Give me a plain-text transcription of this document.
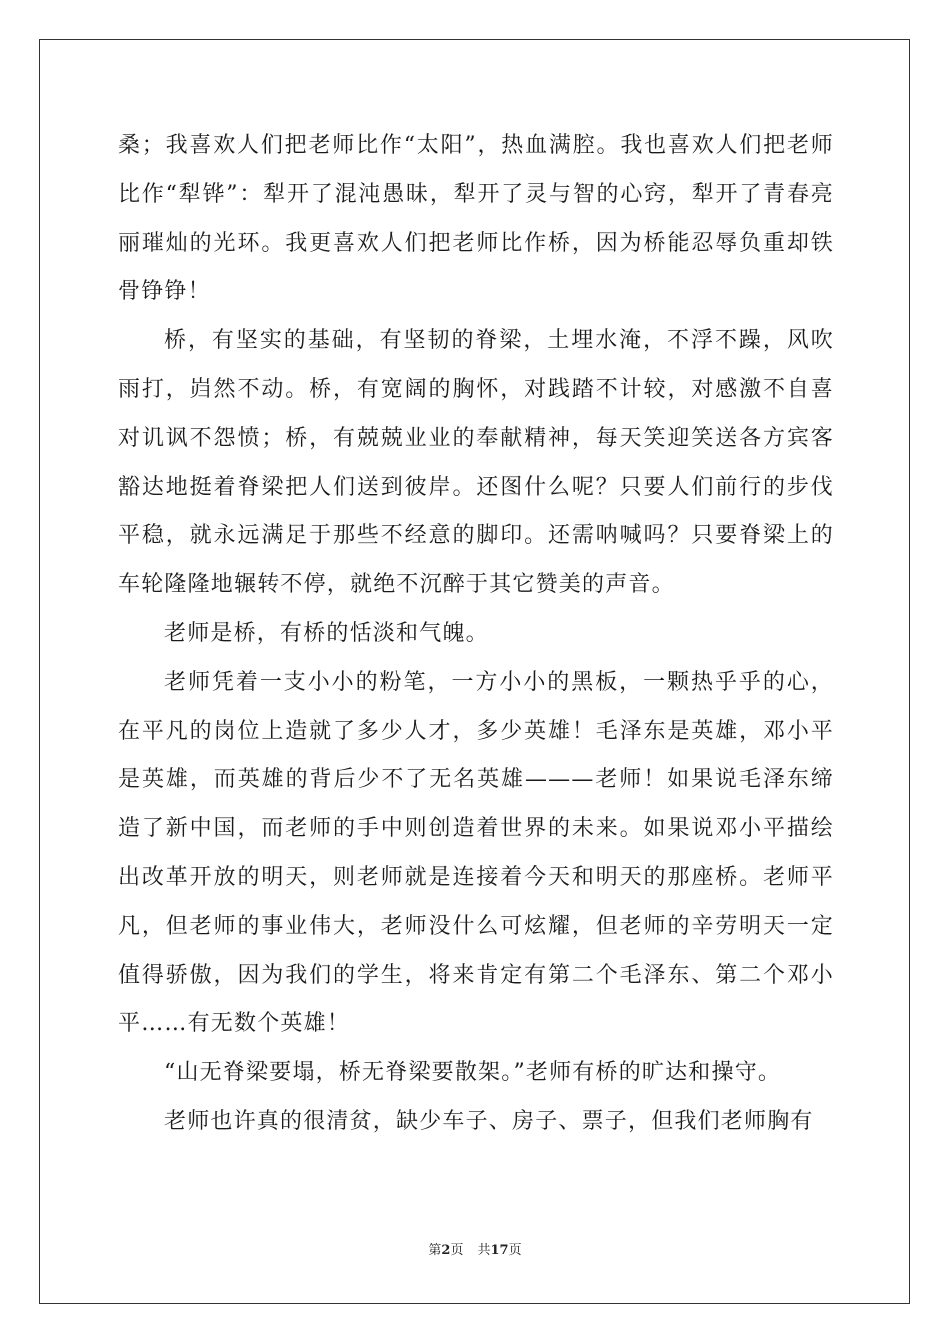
桑；我喜欢人们把老师比作“太阳”，热血满腔。我也喜欢人们把老师比作“犁铧”：犁开了混沌愚昧，犁开了灵与智的心窍，犁开了青春亮丽璀灿的光环。我更喜欢人们把老师比作桥，因为桥能忍辱负重却铁骨铮铮！

桥，有坚实的基础，有坚韧的脊梁，土埋水淹，不浮不躁，风吹雨打，岿然不动。桥，有宽阔的胸怀，对践踏不计较，对感激不自喜对讥讽不怨愤；桥，有兢兢业业的奉献精神，每天笑迎笑送各方宾客豁达地挺着脊梁把人们送到彼岸。还图什么呢？只要人们前行的步伐平稳，就永远满足于那些不经意的脚印。还需呐喊吗？只要脊梁上的车轮隆隆地辗转不停，就绝不沉醉于其它赞美的声音。

老师是桥，有桥的恬淡和气魄。

老师凭着一支小小的粉笔，一方小小的黑板，一颗热乎乎的心，在平凡的岗位上造就了多少人才，多少英雄！毛泽东是英雄，邓小平是英雄，而英雄的背后少不了无名英雄———老师！如果说毛泽东缔造了新中国，而老师的手中则创造着世界的未来。如果说邓小平描绘出改革开放的明天，则老师就是连接着今天和明天的那座桥。老师平凡，但老师的事业伟大，老师没什么可炫耀，但老师的辛劳明天一定值得骄傲，因为我们的学生，将来肯定有第二个毛泽东、第二个邓小平……有无数个英雄！

“山无脊梁要塌，桥无脊梁要散架。”老师有桥的旷达和操守。

老师也许真的很清贫，缺少车子、房子、票子，但我们老师胸有

第2页 共17页
